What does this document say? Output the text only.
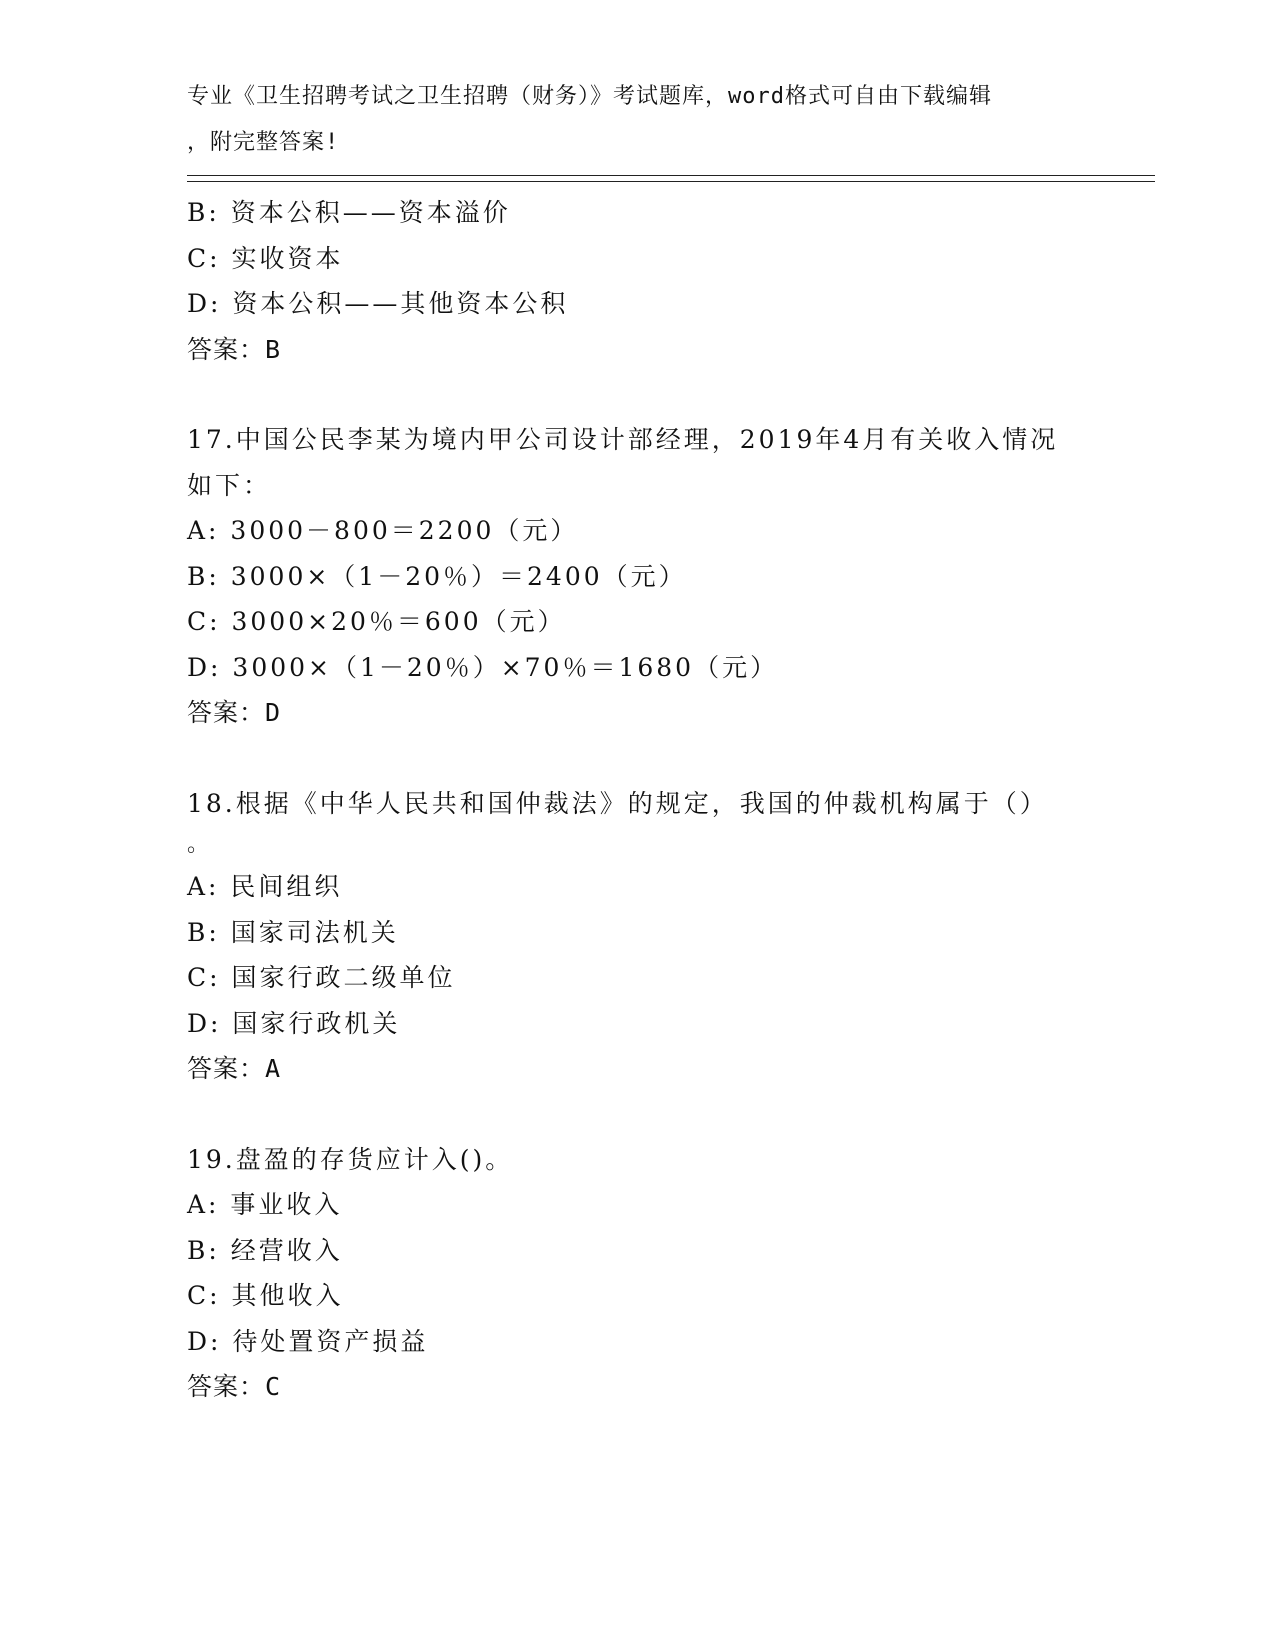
专业《卫生招聘考试之卫生招聘（财务）》考试题库，word格式可自由下载编辑
，附完整答案!
B: 资本公积——资本溢价
C: 实收资本
D: 资本公积——其他资本公积
答案：B
17.中国公民李某为境内甲公司设计部经理，2019年4月有关收入情况
如下：
A: 3000－800＝2200（元）
B: 3000×（1－20％）＝2400（元）
C: 3000×20％＝600（元）
D: 3000×（1－20％）×70％＝1680（元）
答案：D
18.根据《中华人民共和国仲裁法》的规定，我国的仲裁机构属于（）
。
A: 民间组织
B: 国家司法机关
C: 国家行政二级单位
D: 国家行政机关
答案：A
19.盘盈的存货应计入()。
A: 事业收入
B: 经营收入
C: 其他收入
D: 待处置资产损益
答案：C
